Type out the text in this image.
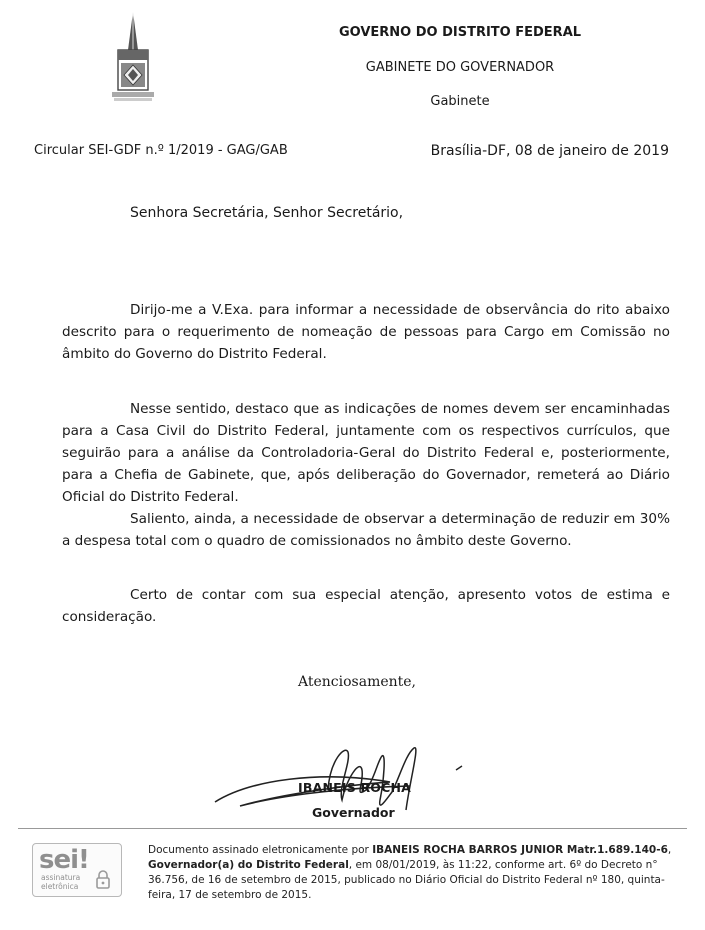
GOVERNO DO DISTRITO FEDERAL
GABINETE DO GOVERNADOR
Gabinete
Circular SEI-GDF n.º 1/2019 - GAG/GAB	Brasília-DF, 08 de janeiro de 2019
Senhora Secretária, Senhor Secretário,

Dirijo-me a V.Exa. para informar a necessidade de observância do rito abaixo descrito para o requerimento de nomeação de pessoas para Cargo em Comissão no âmbito do Governo do Distrito Federal.

Nesse sentido, destaco que as indicações de nomes devem ser encaminhadas para a Casa Civil do Distrito Federal, juntamente com os respectivos currículos, que seguirão para a análise da Controladoria-Geral do Distrito Federal e, posteriormente, para a Chefia de Gabinete, que, após deliberação do Governador, remeterá ao Diário Oficial do Distrito Federal.

Saliento, ainda, a necessidade de observar a determinação de reduzir em 30% a despesa total com o quadro de comissionados no âmbito deste Governo.

Certo de contar com sua especial atenção, apresento votos de estima e consideração.

Atenciosamente,
IBANEIS ROCHA
Governador
sei!
assinatura eletrônica
Documento assinado eletronicamente por IBANEIS ROCHA BARROS JUNIOR Matr.1.689.140-6, Governador(a) do Distrito Federal, em 08/01/2019, às 11:22, conforme art. 6º do Decreto n° 36.756, de 16 de setembro de 2015, publicado no Diário Oficial do Distrito Federal nº 180, quinta-feira, 17 de setembro de 2015.
